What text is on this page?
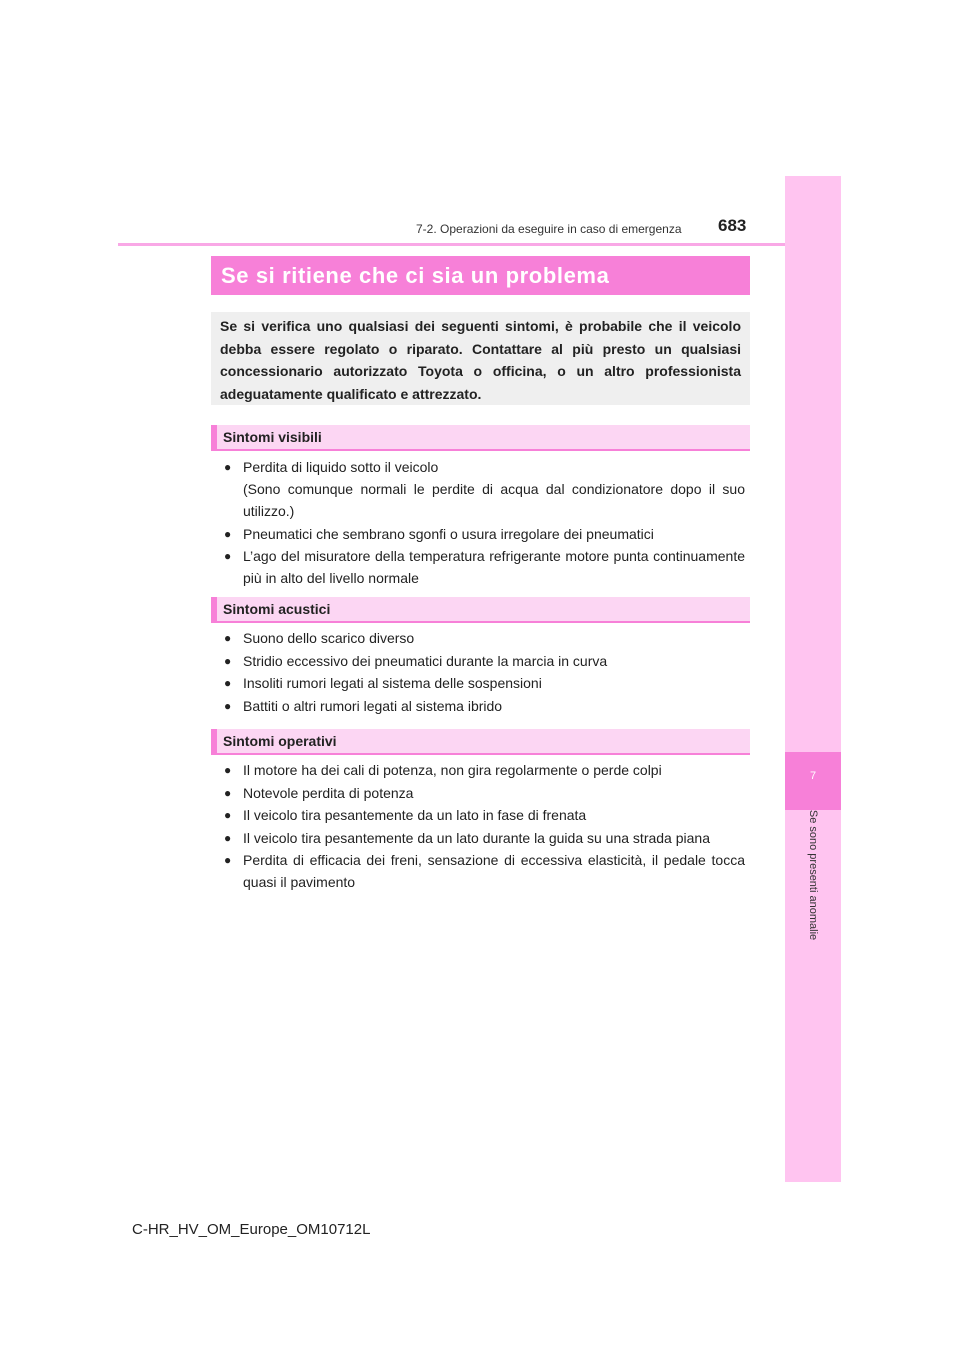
7
Se sono presenti anomalie
7-2. Operazioni da eseguire in caso di emergenza 683
Se si ritiene che ci sia un problema
Se si verifica uno qualsiasi dei seguenti sintomi, è probabile che il veicolo debba essere regolato o riparato. Contattare al più presto un qualsiasi concessionario autorizzato Toyota o officina, o un altro professionista adeguatamente qualificato e attrezzato.
Sintomi visibili
● Perdita di liquido sotto il veicolo
(Sono comunque normali le perdite di acqua dal condizionatore dopo il suo utilizzo.)
● Pneumatici che sembrano sgonfi o usura irregolare dei pneumatici
● L’ago del misuratore della temperatura refrigerante motore punta continuamente più in alto del livello normale
Sintomi acustici
● Suono dello scarico diverso
● Stridio eccessivo dei pneumatici durante la marcia in curva
● Insoliti rumori legati al sistema delle sospensioni
● Battiti o altri rumori legati al sistema ibrido
Sintomi operativi
● Il motore ha dei cali di potenza, non gira regolarmente o perde colpi
● Notevole perdita di potenza
● Il veicolo tira pesantemente da un lato in fase di frenata
● Il veicolo tira pesantemente da un lato durante la guida su una strada piana
● Perdita di efficacia dei freni, sensazione di eccessiva elasticità, il pedale tocca quasi il pavimento
C-HR_HV_OM_Europe_OM10712L
